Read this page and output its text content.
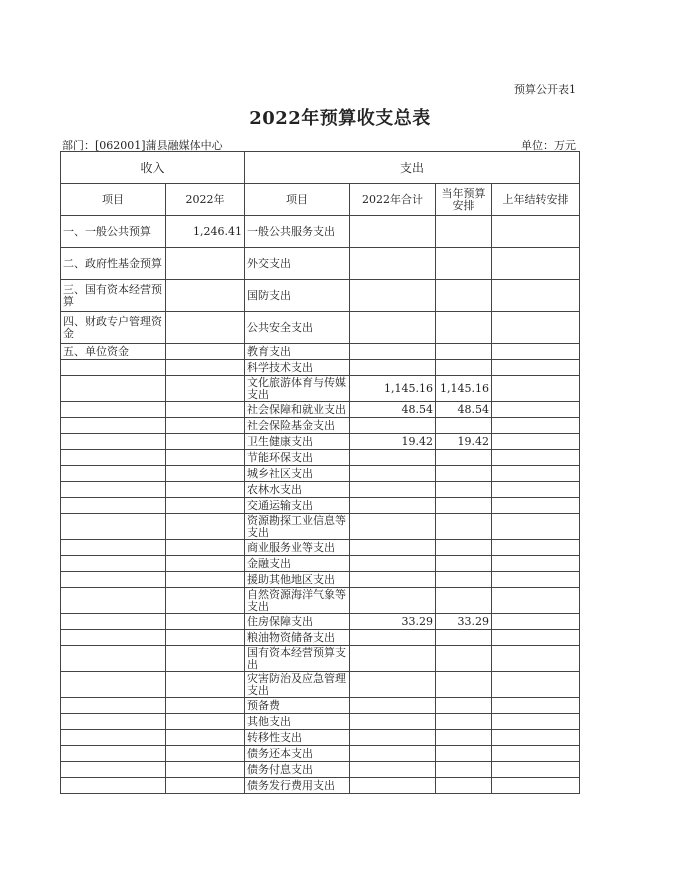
预算公开表1
2022年预算收支总表
部门：[062001]蒲县融媒体中心	单位：万元
收入		支出			
项目	2022年	项目	2022年合计	当年预算安排	上年结转安排
一、一般公共预算	1,246.41	一般公共服务支出			
二、政府性基金预算		外交支出			
三、国有资本经营预算		国防支出			
四、财政专户管理资金		公共安全支出			
五、单位资金		教育支出			
		科学技术支出			
		文化旅游体育与传媒支出	1,145.16	1,145.16	
		社会保障和就业支出	48.54	48.54	
		社会保险基金支出			
		卫生健康支出	19.42	19.42	
		节能环保支出			
		城乡社区支出			
		农林水支出			
		交通运输支出			
		资源勘探工业信息等支出			
		商业服务业等支出			
		金融支出			
		援助其他地区支出			
		自然资源海洋气象等支出			
		住房保障支出	33.29	33.29	
		粮油物资储备支出			
		国有资本经营预算支出			
		灾害防治及应急管理支出			
		预备费			
		其他支出			
		转移性支出			
		债务还本支出			
		债务付息支出			
		债务发行费用支出			
